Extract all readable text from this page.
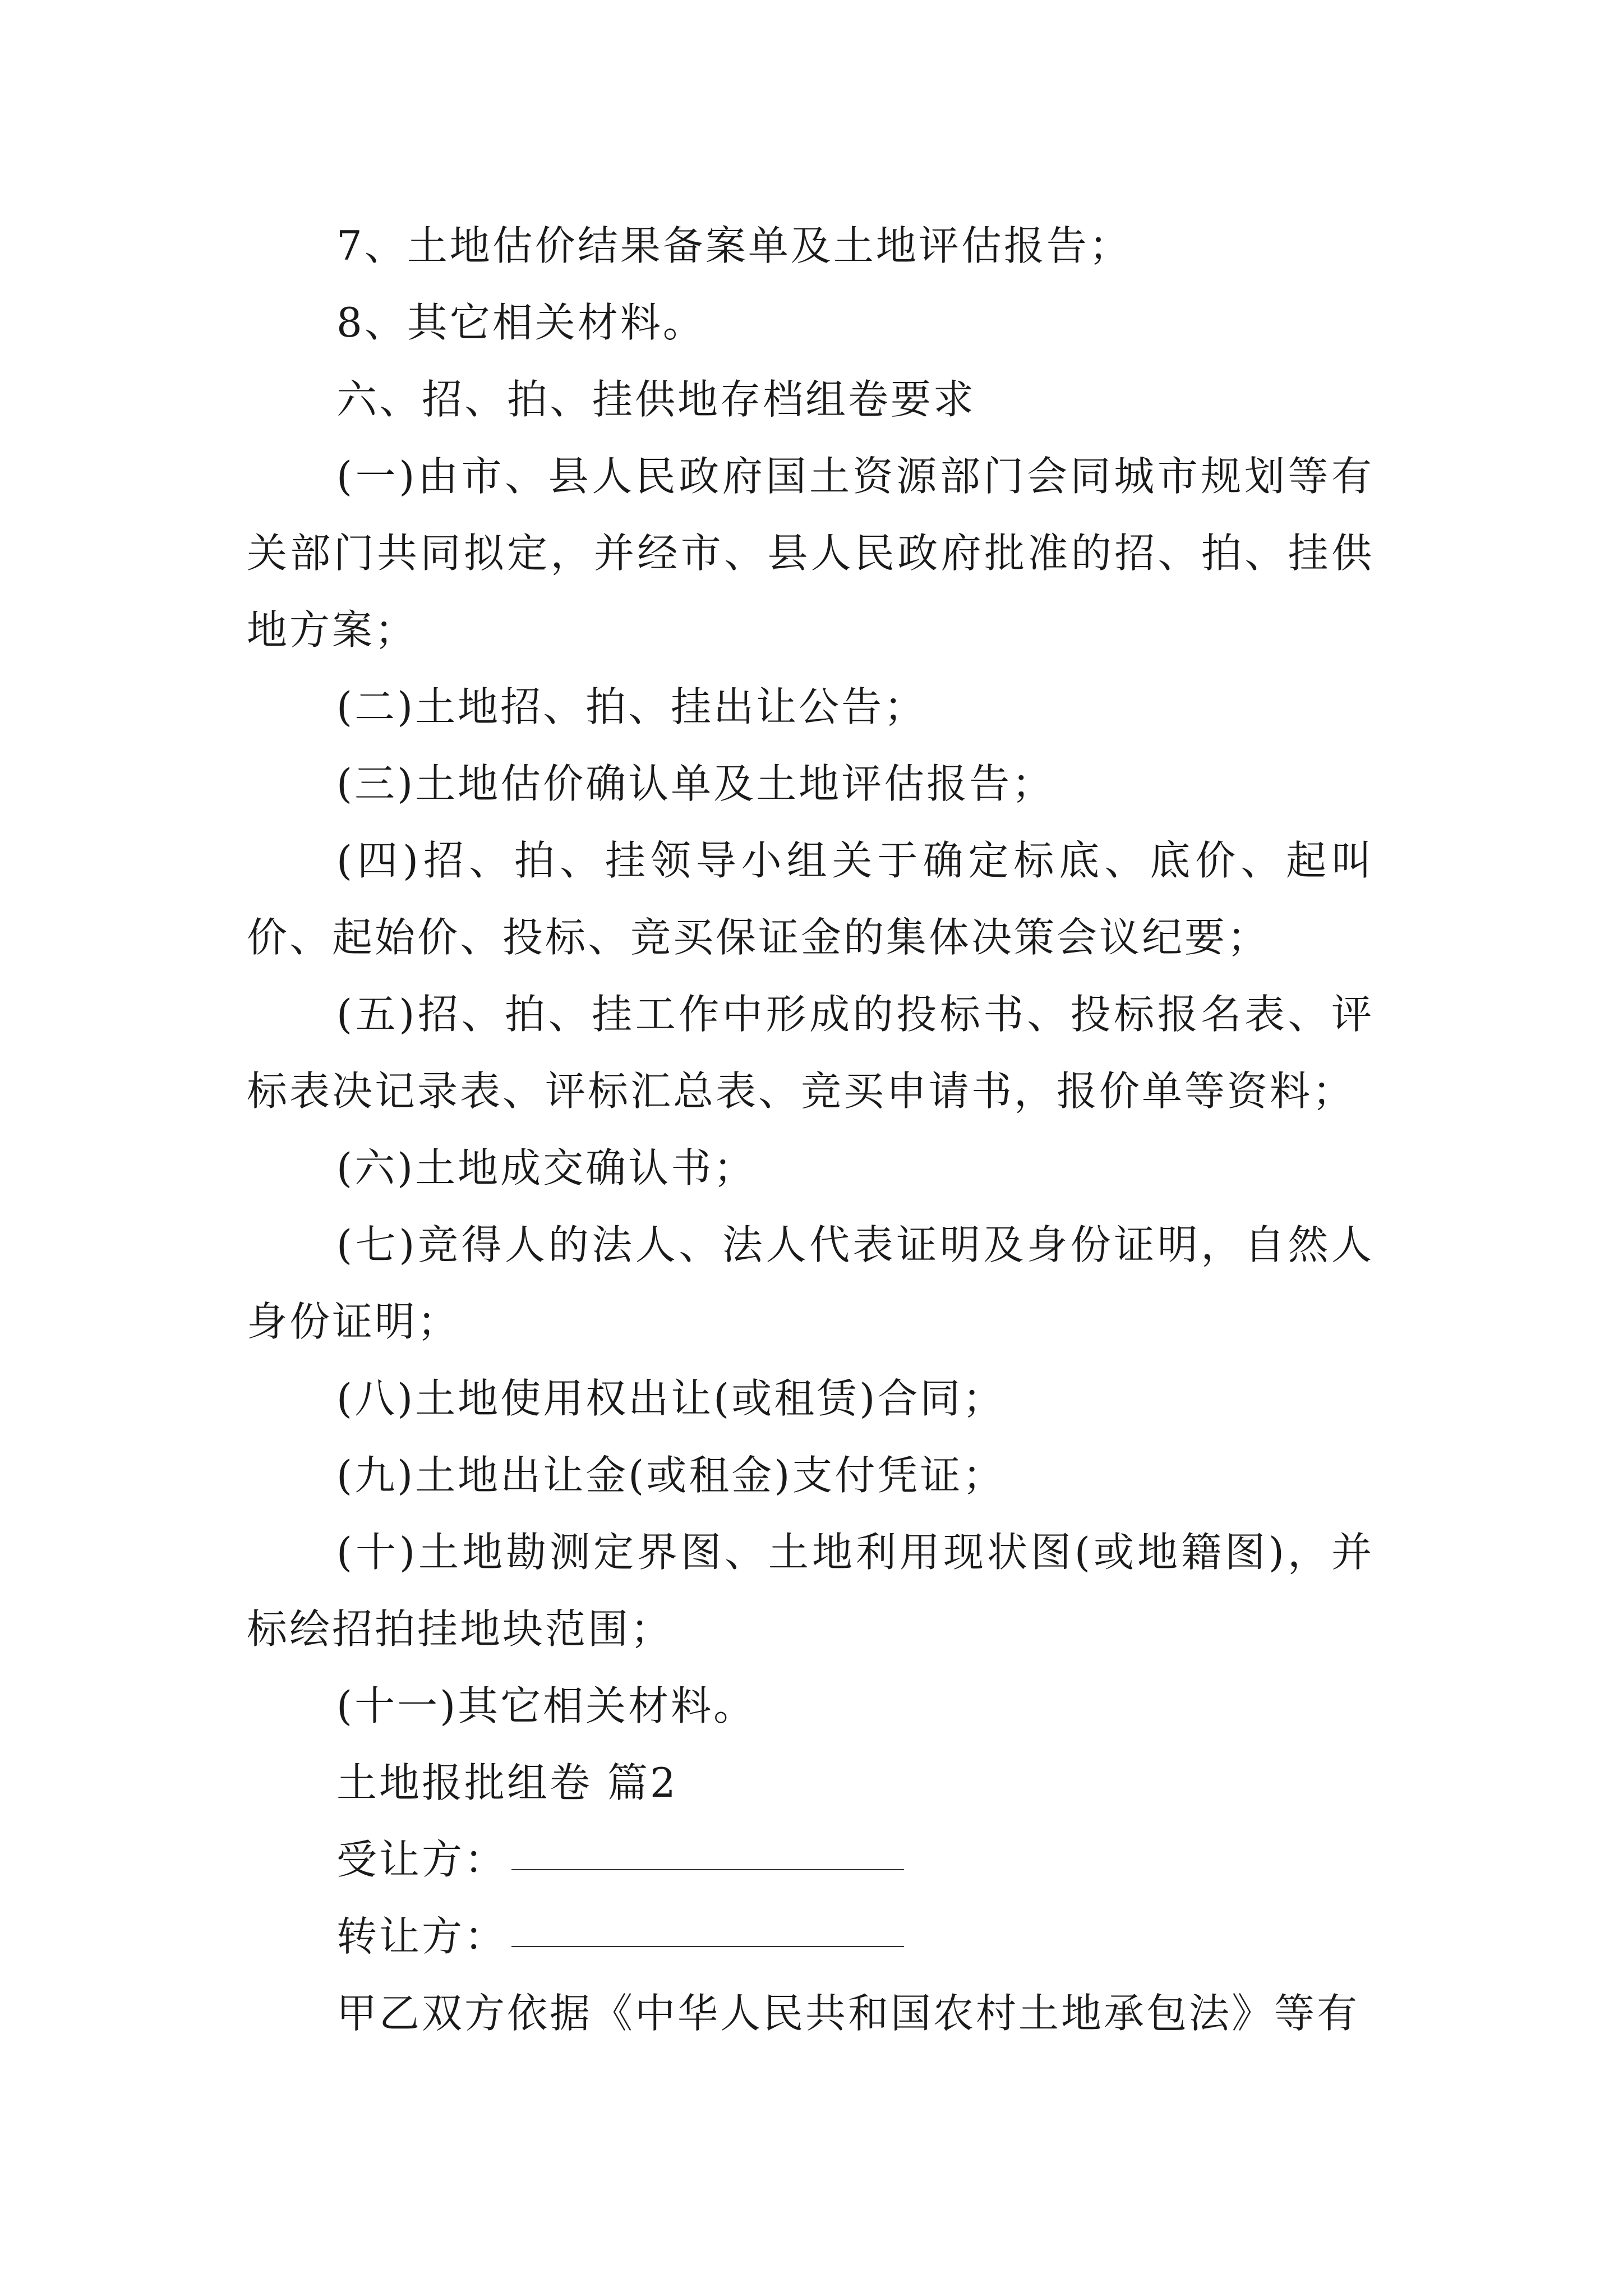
7、土地估价结果备案单及土地评估报告；

8、其它相关材料。

六、招、拍、挂供地存档组卷要求

(一)由市、县人民政府国土资源部门会同城市规划等有关部门共同拟定，并经市、县人民政府批准的招、拍、挂供地方案；

(二)土地招、拍、挂出让公告；

(三)土地估价确认单及土地评估报告；

(四)招、拍、挂领导小组关于确定标底、底价、起叫价、起始价、投标、竞买保证金的集体决策会议纪要；

(五)招、拍、挂工作中形成的投标书、投标报名表、评标表决记录表、评标汇总表、竞买申请书，报价单等资料；

(六)土地成交确认书；

(七)竞得人的法人、法人代表证明及身份证明，自然人身份证明；

(八)土地使用权出让(或租赁)合同；

(九)土地出让金(或租金)支付凭证；

(十)土地勘测定界图、土地利用现状图(或地籍图)，并标绘招拍挂地块范围；

(十一)其它相关材料。

土地报批组卷 篇2

受让方：

转让方：

甲乙双方依据《中华人民共和国农村土地承包法》等有
